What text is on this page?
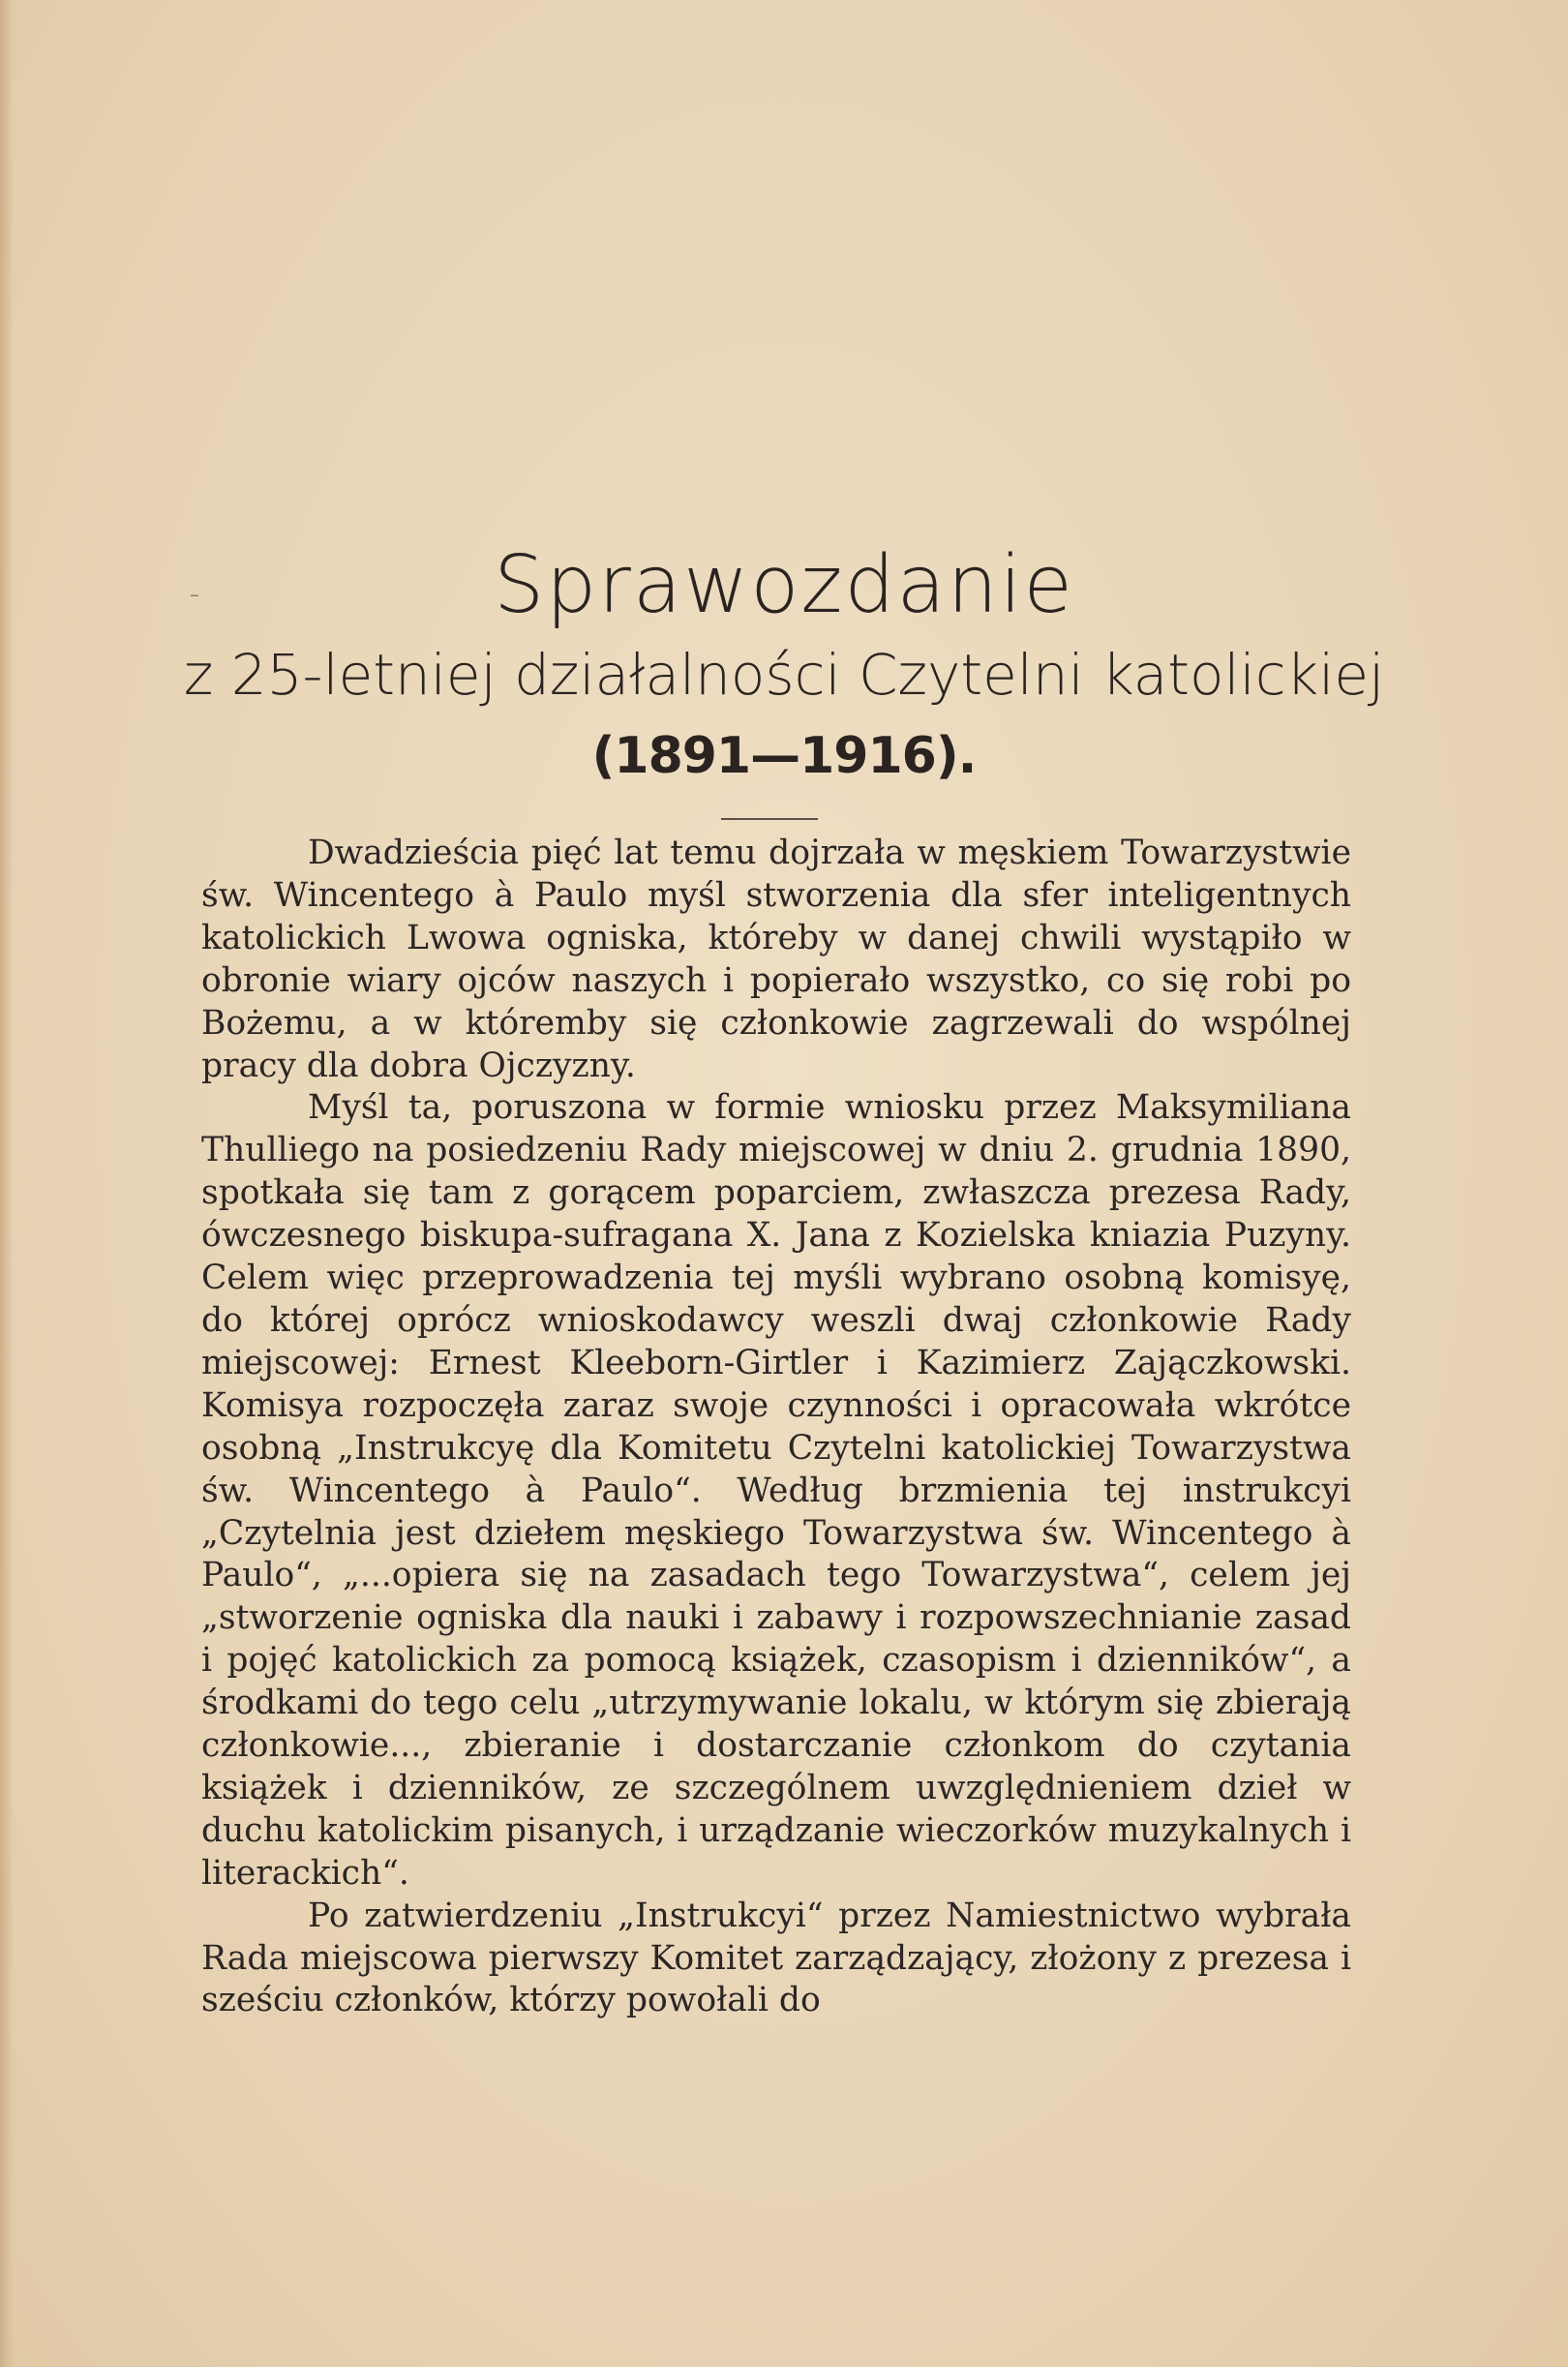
–	Sprawozdanie
z 25-letniej działalności Czytelni katolickiej
(1891—1916).

Dwadzieścia pięć lat temu dojrzała w męskiem Towarzystwie św. Wincentego à Paulo myśl stworzenia dla sfer inteligentnych katolickich Lwowa ogniska, któreby w danej chwili wystąpiło w obronie wiary ojców naszych i popierało wszystko, co się robi po Bożemu, a w któremby się członkowie zagrzewali do wspólnej pracy dla dobra Ojczyzny.

Myśl ta, poruszona w formie wniosku przez Maksymiliana Thulliego na posiedzeniu Rady miejscowej w dniu 2. grudnia 1890, spotkała się tam z gorącem poparciem, zwłaszcza prezesa Rady, ówczesnego biskupa-sufragana X. Jana z Kozielska kniazia Puzyny. Celem więc przeprowadzenia tej myśli wybrano osobną komisyę, do której oprócz wnioskodawcy weszli dwaj członkowie Rady miejscowej: Ernest Kleeborn-Girtler i Kazimierz Zajączkowski. Komisya rozpoczęła zaraz swoje czynności i opracowała wkrótce osobną „Instrukcyę dla Komitetu Czytelni katolickiej Towarzystwa św. Wincentego à Paulo“. Według brzmienia tej instrukcyi „Czytelnia jest dziełem męskiego Towarzystwa św. Wincentego à Paulo“, „...opiera się na zasadach tego Towarzystwa“, celem jej „stworzenie ogniska dla nauki i zabawy i rozpowszechnianie zasad i pojęć katolickich za pomocą książek, czasopism i dzienników“, a środkami do tego celu „utrzymywanie lokalu, w którym się zbierają członkowie..., zbieranie i dostarczanie członkom do czytania książek i dzienników, ze szczególnem uwzględnieniem dzieł w duchu katolickim pisanych, i urządzanie wieczorków muzykalnych i literackich“.

Po zatwierdzeniu „Instrukcyi“ przez Namiestnictwo wybrała Rada miejscowa pierwszy Komitet zarządzający, złożony z prezesa i sześciu członków, którzy powołali do
